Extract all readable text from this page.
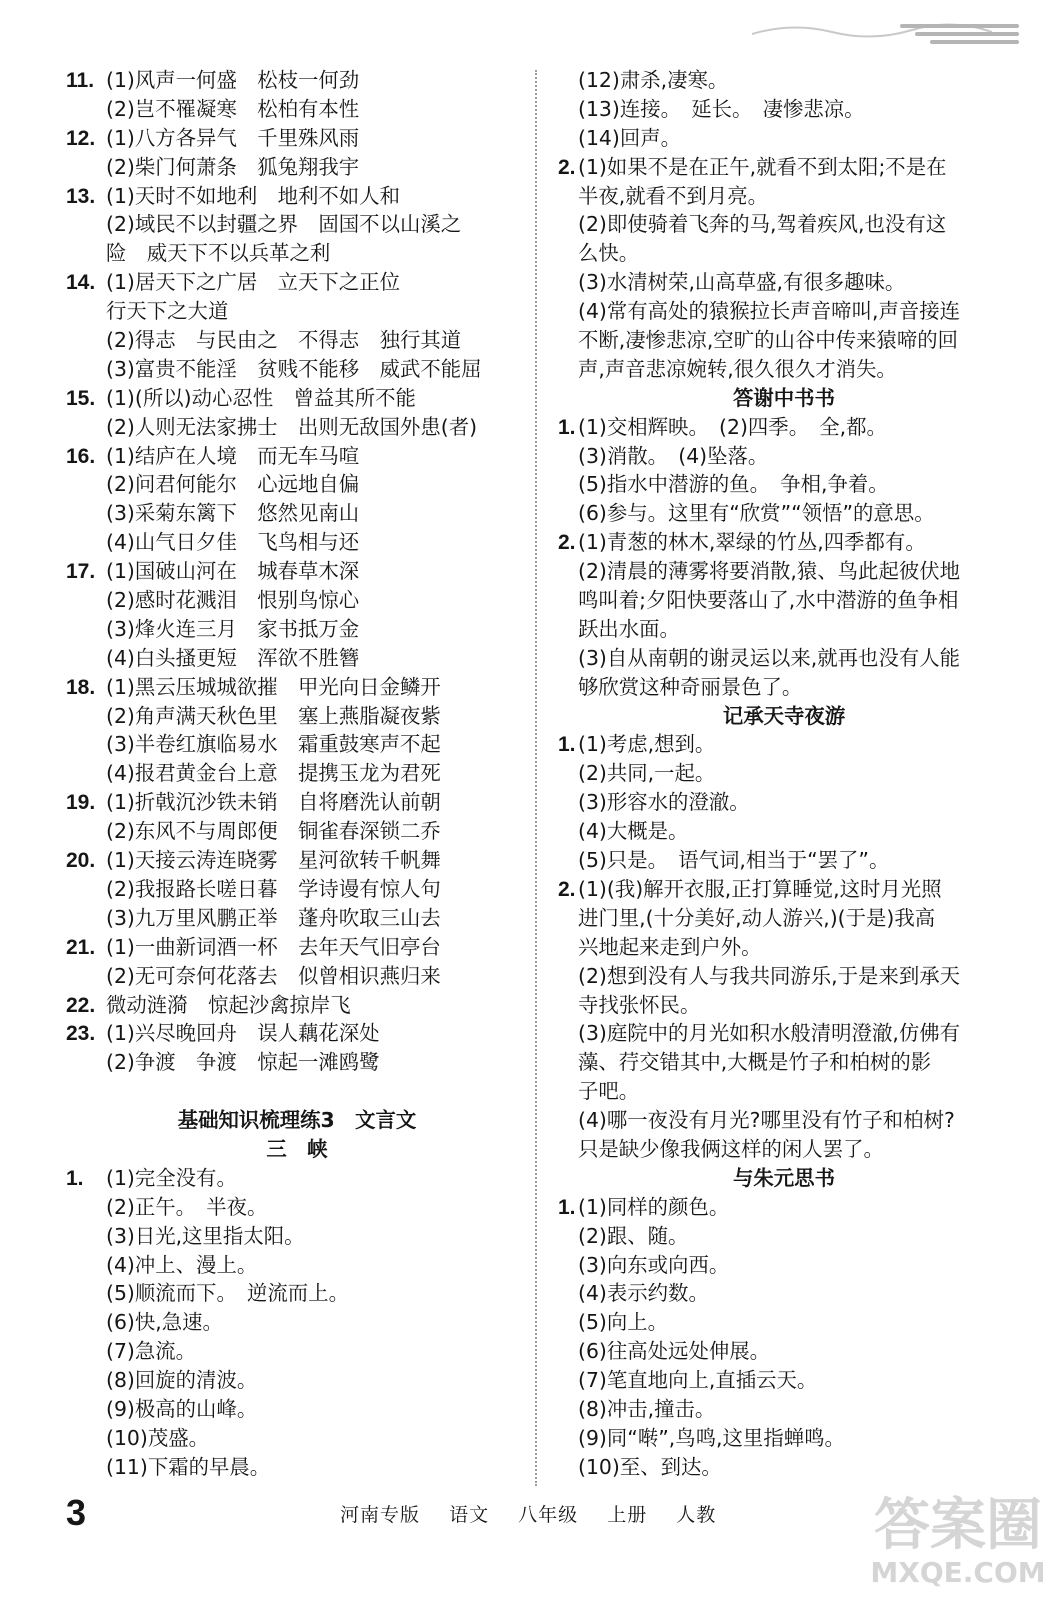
11. (1)风声一何盛　松枝一何劲
(2)岂不罹凝寒　松柏有本性
12. (1)八方各异气　千里殊风雨
(2)柴门何萧条　狐兔翔我宇
13. (1)天时不如地利　地利不如人和
(2)域民不以封疆之界　固国不以山溪之
险　威天下不以兵革之利
14. (1)居天下之广居　立天下之正位
行天下之大道
(2)得志　与民由之　不得志　独行其道
(3)富贵不能淫　贫贱不能移　威武不能屈
15. (1)(所以)动心忍性　曾益其所不能
(2)人则无法家拂士　出则无敌国外患(者)
16. (1)结庐在人境　而无车马喧
(2)问君何能尔　心远地自偏
(3)采菊东篱下　悠然见南山
(4)山气日夕佳　飞鸟相与还
17. (1)国破山河在　城春草木深
(2)感时花溅泪　恨别鸟惊心
(3)烽火连三月　家书抵万金
(4)白头搔更短　浑欲不胜簪
18. (1)黑云压城城欲摧　甲光向日金鳞开
(2)角声满天秋色里　塞上燕脂凝夜紫
(3)半卷红旗临易水　霜重鼓寒声不起
(4)报君黄金台上意　提携玉龙为君死
19. (1)折戟沉沙铁未销　自将磨洗认前朝
(2)东风不与周郎便　铜雀春深锁二乔
20. (1)天接云涛连晓雾　星河欲转千帆舞
(2)我报路长嗟日暮　学诗谩有惊人句
(3)九万里风鹏正举　蓬舟吹取三山去
21. (1)一曲新词酒一杯　去年天气旧亭台
(2)无可奈何花落去　似曾相识燕归来
22. 微动涟漪　惊起沙禽掠岸飞
23. (1)兴尽晚回舟　误人藕花深处
(2)争渡　争渡　惊起一滩鸥鹭
基础知识梳理练3　文言文
三　峡
1. (1)完全没有。
(2)正午。　半夜。
(3)日光,这里指太阳。
(4)冲上、漫上。
(5)顺流而下。　逆流而上。
(6)快,急速。
(7)急流。
(8)回旋的清波。
(9)极高的山峰。
(10)茂盛。
(11)下霜的早晨。
(12)肃杀,凄寒。
(13)连接。　延长。　凄惨悲凉。
(14)回声。
2. (1)如果不是在正午,就看不到太阳;不是在
半夜,就看不到月亮。
(2)即使骑着飞奔的马,驾着疾风,也没有这
么快。
(3)水清树荣,山高草盛,有很多趣味。
(4)常有高处的猿猴拉长声音啼叫,声音接连
不断,凄惨悲凉,空旷的山谷中传来猿啼的回
声,声音悲凉婉转,很久很久才消失。
答谢中书书
1. (1)交相辉映。　(2)四季。　全,都。
(3)消散。　(4)坠落。
(5)指水中潜游的鱼。　争相,争着。
(6)参与。这里有“欣赏”“领悟”的意思。
2. (1)青葱的林木,翠绿的竹丛,四季都有。
(2)清晨的薄雾将要消散,猿、鸟此起彼伏地
鸣叫着;夕阳快要落山了,水中潜游的鱼争相
跃出水面。
(3)自从南朝的谢灵运以来,就再也没有人能
够欣赏这种奇丽景色了。
记承天寺夜游
1. (1)考虑,想到。
(2)共同,一起。
(3)形容水的澄澈。
(4)大概是。
(5)只是。　语气词,相当于“罢了”。
2. (1)(我)解开衣服,正打算睡觉,这时月光照
进门里,(十分美好,动人游兴,)(于是)我高
兴地起来走到户外。
(2)想到没有人与我共同游乐,于是来到承天
寺找张怀民。
(3)庭院中的月光如积水般清明澄澈,仿佛有
藻、荇交错其中,大概是竹子和柏树的影
子吧。
(4)哪一夜没有月光?哪里没有竹子和柏树?
只是缺少像我俩这样的闲人罢了。
与朱元思书
1. (1)同样的颜色。
(2)跟、随。
(3)向东或向西。
(4)表示约数。
(5)向上。
(6)往高处远处伸展。
(7)笔直地向上,直插云天。
(8)冲击,撞击。
(9)同“啭”,鸟鸣,这里指蝉鸣。
(10)至、到达。
3	河南专版 语文 八年级 上册 人教	答案圈
MXQE.COM
